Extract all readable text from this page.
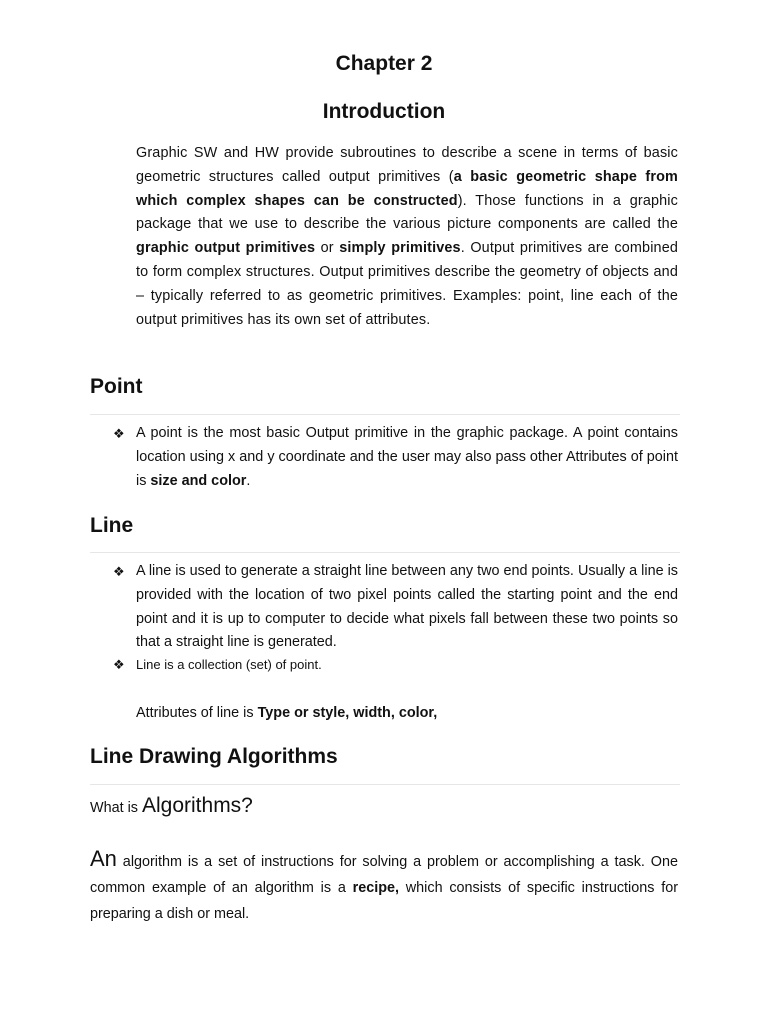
Chapter 2
Introduction

Graphic SW and HW provide subroutines to describe a scene in terms of basic geometric structures called output primitives (a basic geometric shape from which complex shapes can be constructed). Those functions in a graphic package that we use to describe the various picture components are called the graphic output primitives or simply primitives. Output primitives are combined to form complex structures. Output primitives describe the geometry of objects and – typically referred to as geometric primitives. Examples: point, line each of the output primitives has its own set of attributes.

Point
❖ A point is the most basic Output primitive in the graphic package. A point contains location using x and y coordinate and the user may also pass other Attributes of point is size and color.

Line
❖ A line is used to generate a straight line between any two end points. Usually a line is provided with the location of two pixel points called the starting point and the end point and it is up to computer to decide what pixels fall between these two points so that a straight line is generated.

❖ Line is a collection (set) of point.

Attributes of line is Type or style, width, color,

Line Drawing Algorithms

What is Algorithms?

An algorithm is a set of instructions for solving a problem or accomplishing a task. One common example of an algorithm is a recipe, which consists of specific instructions for preparing a dish or meal.
